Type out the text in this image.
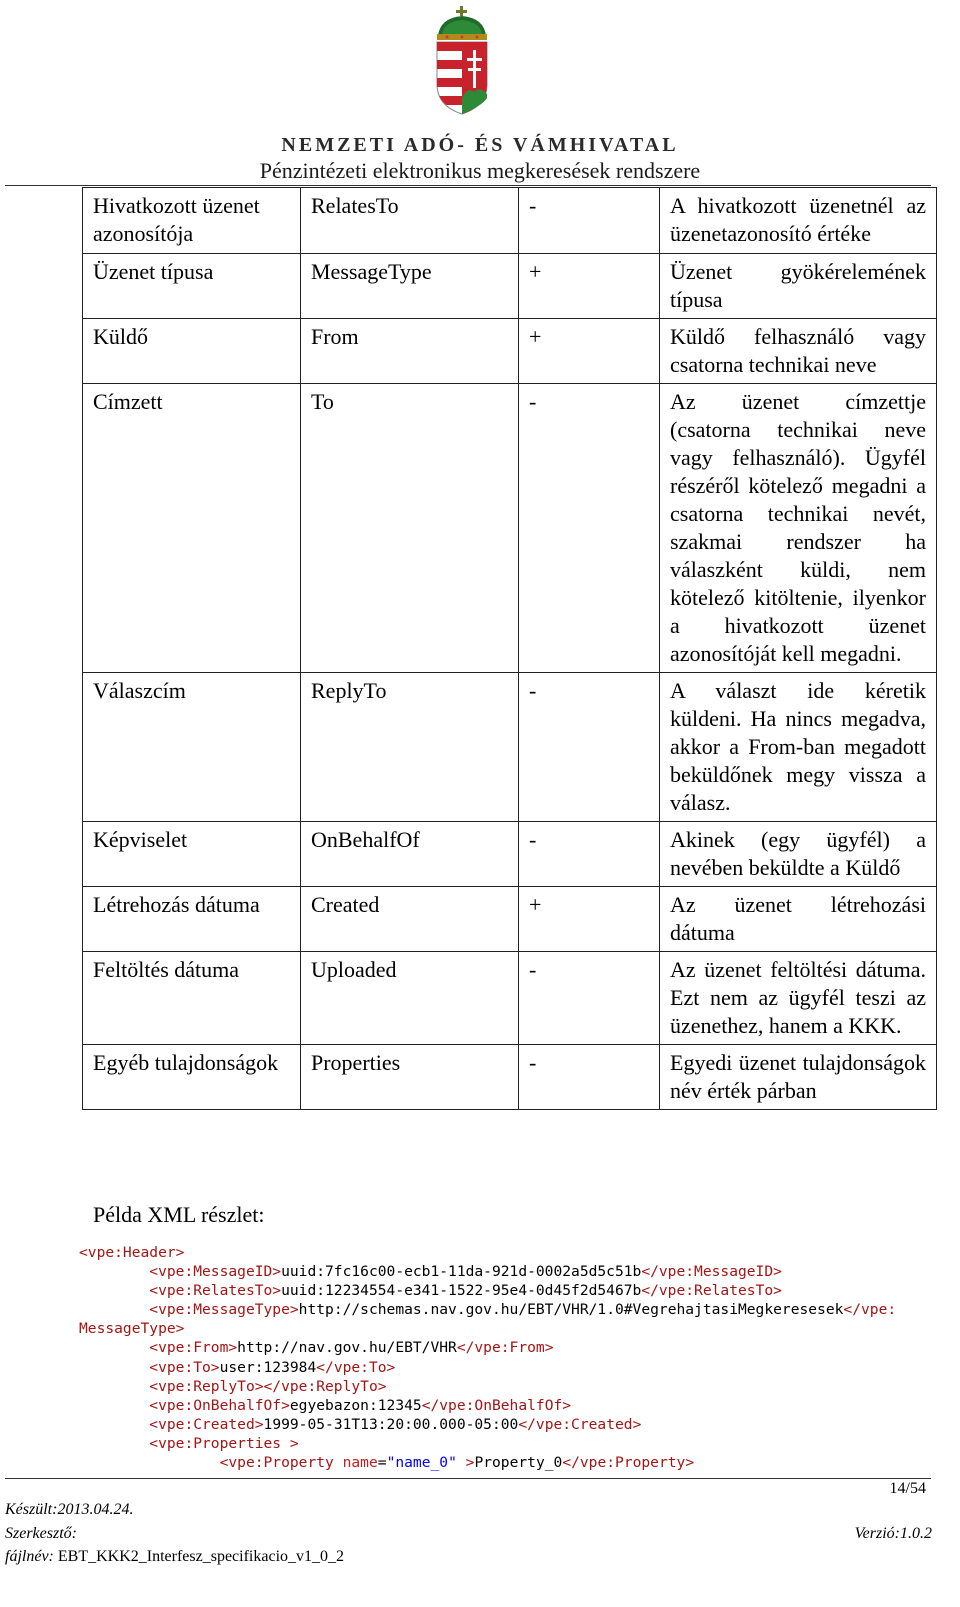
NEMZETI ADÓ- ÉS VÁMHIVATAL
Pénzintézeti elektronikus megkeresések rendszere
Hivatkozott üzenet azonosítója	RelatesTo	-	A hivatkozott üzenetnél az üzenetazonosító értéke
Üzenet típusa	MessageType	+	Üzenet gyökérelemének típusa
Küldő	From	+	Küldő felhasználó vagy csatorna technikai neve
Címzett	To	-	Az üzenet címzettje (csatorna technikai neve vagy felhasználó). Ügyfél részéről kötelező megadni a csatorna technikai nevét, szakmai rendszer ha válaszként küldi, nem kötelező kitöltenie, ilyenkor a hivatkozott üzenet azonosítóját kell megadni.
Válaszcím	ReplyTo	-	A választ ide kéretik küldeni. Ha nincs megadva, akkor a From-ban megadott beküldőnek megy vissza a válasz.
Képviselet	OnBehalfOf	-	Akinek (egy ügyfél) a nevében beküldte a Küldő
Létrehozás dátuma	Created	+	Az üzenet létrehozási dátuma
Feltöltés dátuma	Uploaded	-	Az üzenet feltöltési dátuma. Ezt nem az ügyfél teszi az üzenethez, hanem a KKK.
Egyéb tulajdonságok	Properties	-	Egyedi üzenet tulajdonságok név érték párban
Példa XML részlet:
<vpe:Header>
<vpe:MessageID>uuid:7fc16c00-ecb1-11da-921d-0002a5d5c51b</vpe:MessageID>
<vpe:RelatesTo>uuid:12234554-e341-1522-95e4-0d45f2d5467b</vpe:RelatesTo>
<vpe:MessageType>http://schemas.nav.gov.hu/EBT/VHR/1.0#VegrehajtasiMegkeresesek</vpe:
MessageType>
<vpe:From>http://nav.gov.hu/EBT/VHR</vpe:From>
<vpe:To>user:123984</vpe:To>
<vpe:ReplyTo></vpe:ReplyTo>
<vpe:OnBehalfOf>egyebazon:12345</vpe:OnBehalfOf>
<vpe:Created>1999-05-31T13:20:00.000-05:00</vpe:Created>
<vpe:Properties >
<vpe:Property name="name_0" >Property_0</vpe:Property>
14/54
Készült:2013.04.24.
Szerkesztő:	Verzió:1.0.2
fájlnév: EBT_KKK2_Interfesz_specifikacio_v1_0_2
